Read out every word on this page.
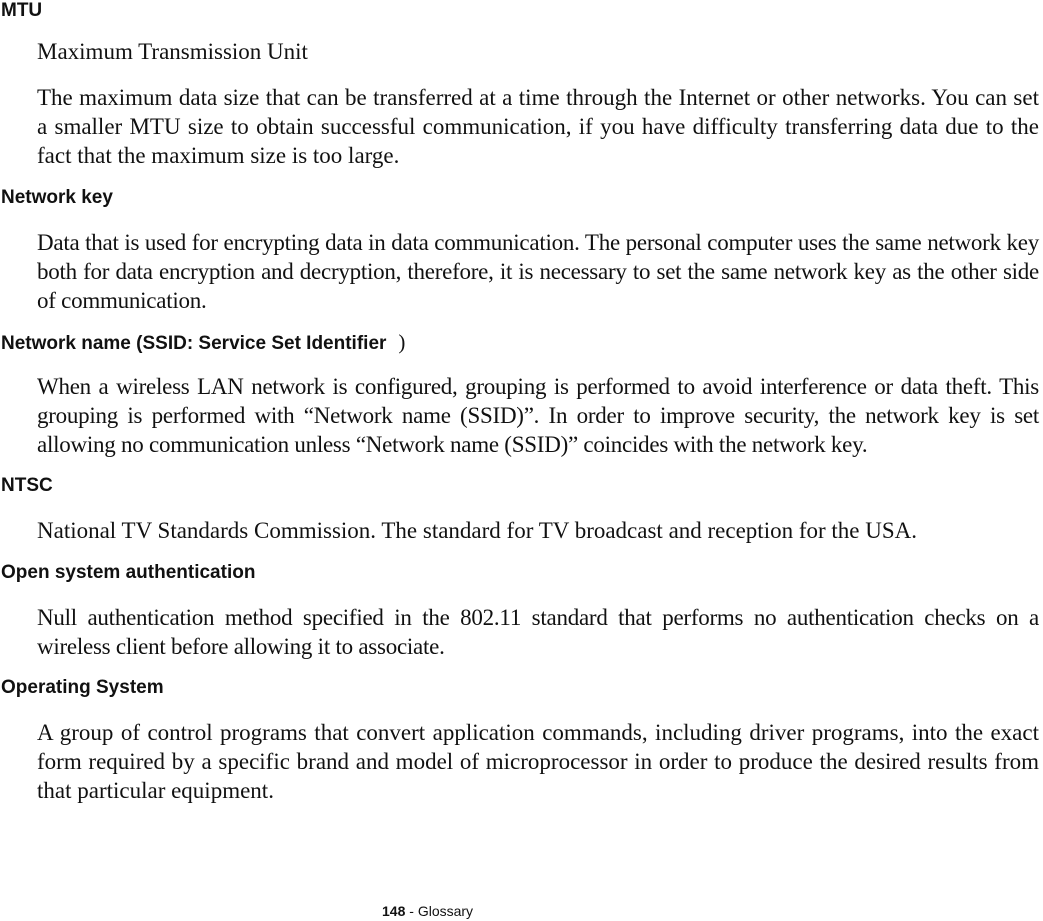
MTU

Maximum Transmission Unit

The maximum data size that can be transferred at a time through the Internet or other networks. You can set a smaller MTU size to obtain successful communication, if you have difficulty transferring data due to the fact that the maximum size is too large.

Network key

Data that is used for encrypting data in data communication. The personal computer uses the same network key both for data encryption and decryption, therefore, it is necessary to set the same network key as the other side of communication.

Network name (SSID: Service Set Identifier )

When a wireless LAN network is configured, grouping is performed to avoid interference or data theft. This grouping is performed with “Network name (SSID)”. In order to improve security, the network key is set allowing no communication unless “Network name (SSID)” coincides with the network key.

NTSC

National TV Standards Commission. The standard for TV broadcast and reception for the USA.

Open system authentication

Null authentication method specified in the 802.11 standard that performs no authentication checks on a wireless client before allowing it to associate.

Operating System

A group of control programs that convert application commands, including driver programs, into the exact form required by a specific brand and model of microprocessor in order to produce the desired results from that particular equipment.

148 - Glossary
